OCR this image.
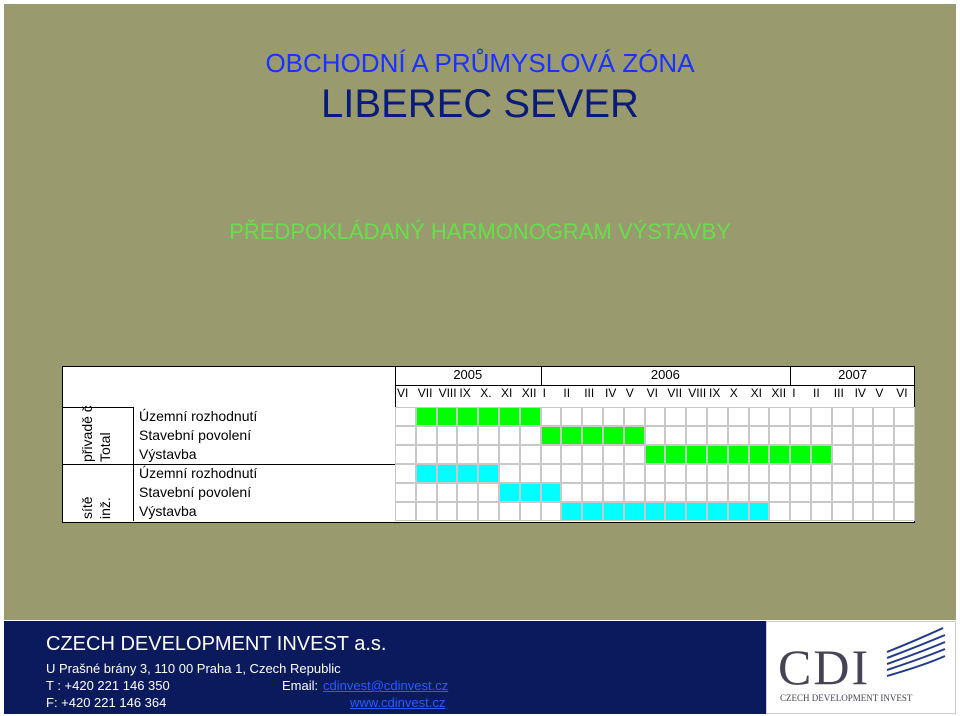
OBCHODNÍ A PRŮMYSLOVÁ ZÓNA
LIBEREC SEVER
PŘEDPOKLÁDANÝ HARMONOGRAM VÝSTAVBY
2005	2006	2007
VI VII VIII IX X. XI XII I II III IV V VI VII VIII IX X XI XII I II III IV V VI
přivadě č Total
Územní rozhodnutí
Stavební povolení
Výstavba
sítě inž.
Územní rozhodnutí
Stavební povolení
Výstavba
CZECH DEVELOPMENT INVEST a.s.
U Prašné brány 3, 110 00 Praha 1, Czech Republic
T : +420 221 146 350
F: +420 221 146 364
Email: cdinvest@cdinvest.cz
www.cdinvest.cz
CDI
CZECH DEVELOPMENT INVEST
